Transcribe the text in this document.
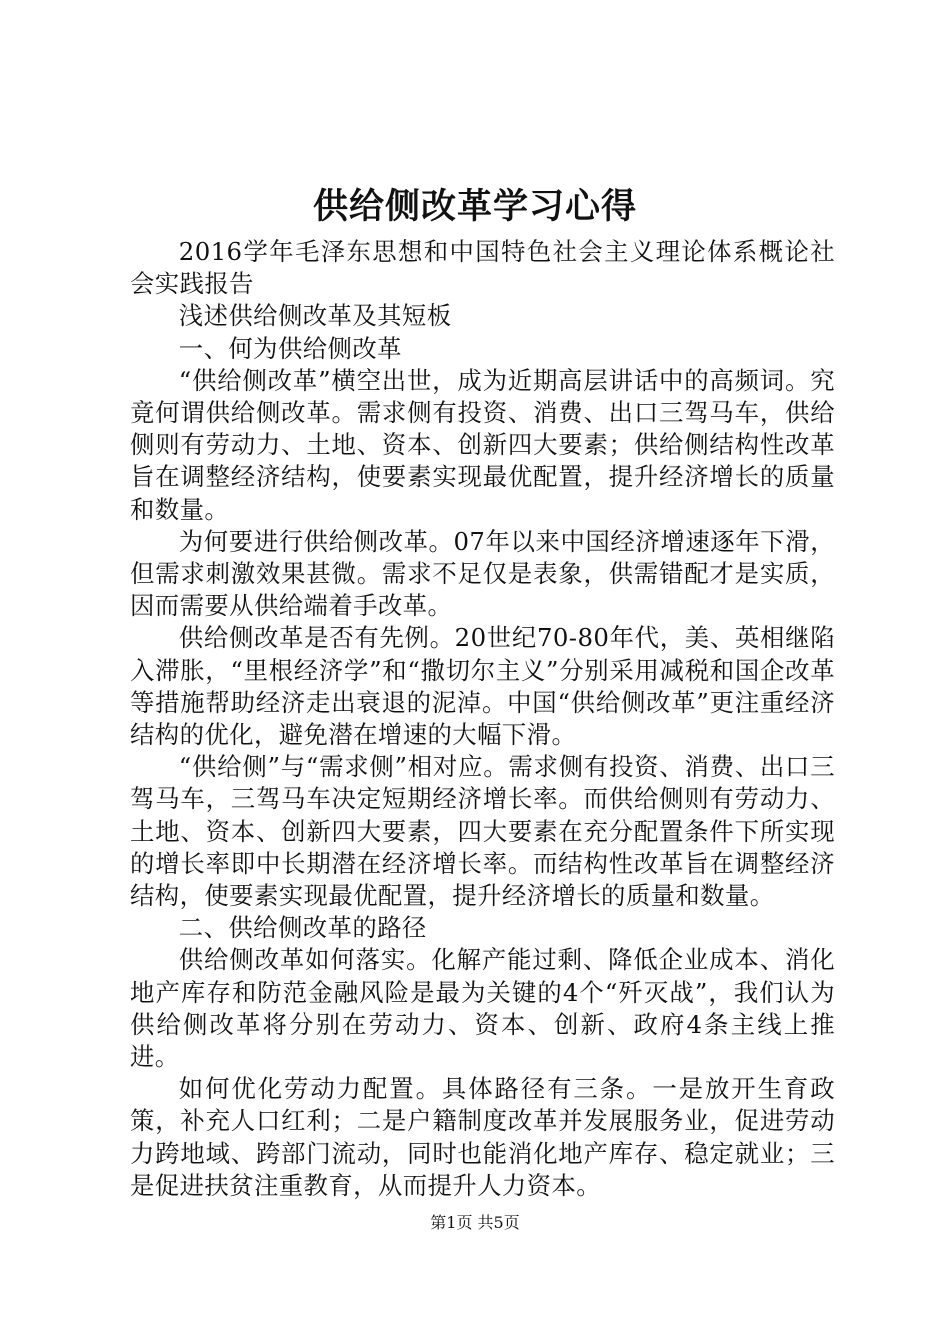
供给侧改革学习心得

2016学年毛泽东思想和中国特色社会主义理论体系概论社会实践报告

浅述供给侧改革及其短板

一、何为供给侧改革

“供给侧改革”横空出世，成为近期高层讲话中的高频词。究竟何谓供给侧改革。需求侧有投资、消费、出口三驾马车，供给侧则有劳动力、土地、资本、创新四大要素；供给侧结构性改革旨在调整经济结构，使要素实现最优配置，提升经济增长的质量和数量。

为何要进行供给侧改革。07年以来中国经济增速逐年下滑，但需求刺激效果甚微。需求不足仅是表象，供需错配才是实质，因而需要从供给端着手改革。

供给侧改革是否有先例。20世纪70-80年代，美、英相继陷入滞胀，“里根经济学”和“撒切尔主义”分别采用减税和国企改革等措施帮助经济走出衰退的泥淖。中国“供给侧改革”更注重经济结构的优化，避免潜在增速的大幅下滑。

“供给侧”与“需求侧”相对应。需求侧有投资、消费、出口三驾马车，三驾马车决定短期经济增长率。而供给侧则有劳动力、土地、资本、创新四大要素，四大要素在充分配置条件下所实现的增长率即中长期潜在经济增长率。而结构性改革旨在调整经济结构，使要素实现最优配置，提升经济增长的质量和数量。

二、供给侧改革的路径

供给侧改革如何落实。化解产能过剩、降低企业成本、消化地产库存和防范金融风险是最为关键的4个“歼灭战”，我们认为供给侧改革将分别在劳动力、资本、创新、政府4条主线上推进。

如何优化劳动力配置。具体路径有三条。一是放开生育政策，补充人口红利；二是户籍制度改革并发展服务业，促进劳动力跨地域、跨部门流动，同时也能消化地产库存、稳定就业；三是促进扶贫注重教育，从而提升人力资本。

第1页 共5页
